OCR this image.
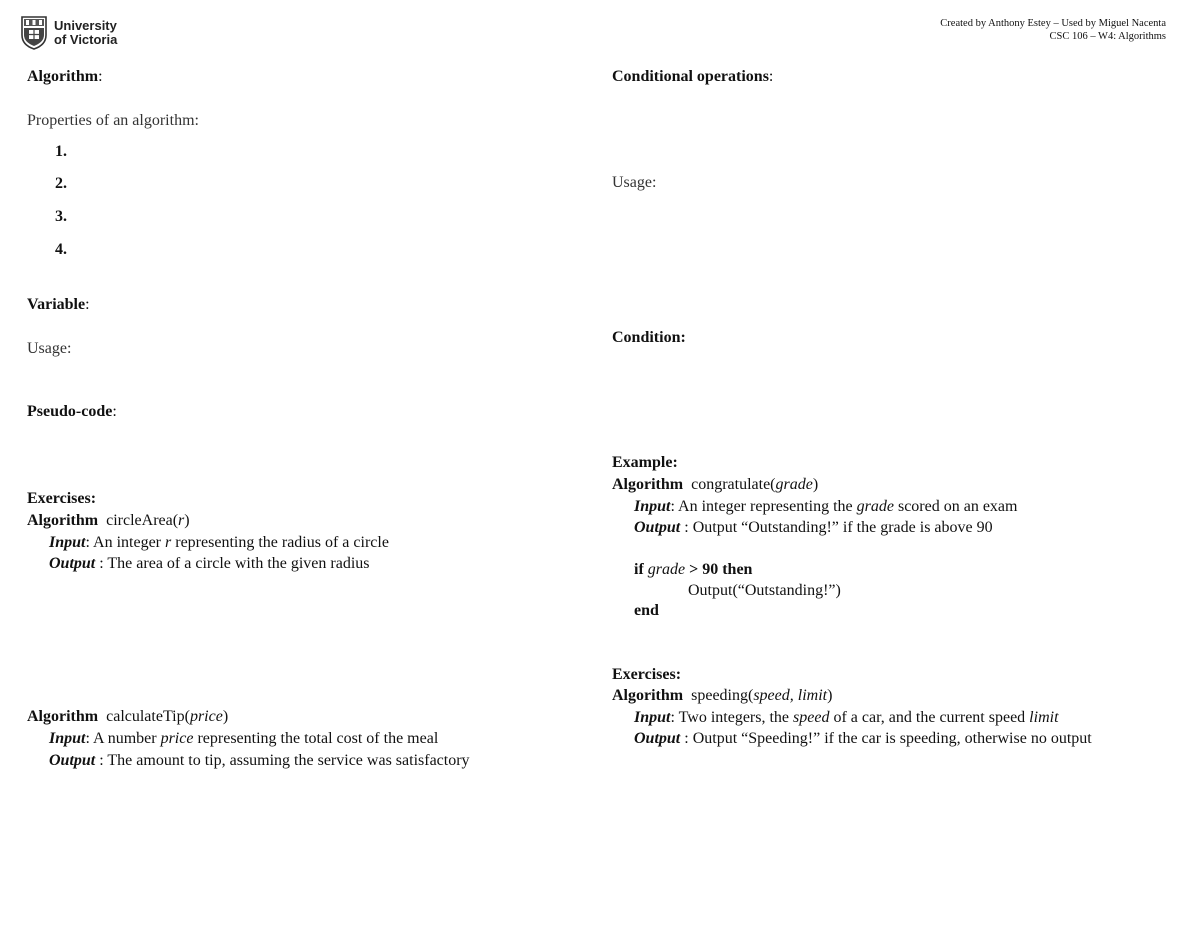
University
of Victoria
Created by Anthony Estey – Used by Miguel Nacenta
CSC 106 – W4: Algorithms
Algorithm:
Properties of an algorithm:
1.
2.
3.
4.
Variable:
Usage:
Pseudo-code:
Exercises:
Algorithm circleArea(r)
Input: An integer r representing the radius of a circle
Output : The area of a circle with the given radius
Algorithm calculateTip(price)
Input: A number price representing the total cost of the meal
Output : The amount to tip, assuming the service was satisfactory
Conditional operations:
Usage:
Condition:
Example:
Algorithm congratulate(grade)
Input: An integer representing the grade scored on an exam
Output : Output “Outstanding!” if the grade is above 90
if grade > 90 then
Output(“Outstanding!”)
end
Exercises:
Algorithm speeding(speed, limit)
Input: Two integers, the speed of a car, and the current speed limit
Output : Output “Speeding!” if the car is speeding, otherwise no output
